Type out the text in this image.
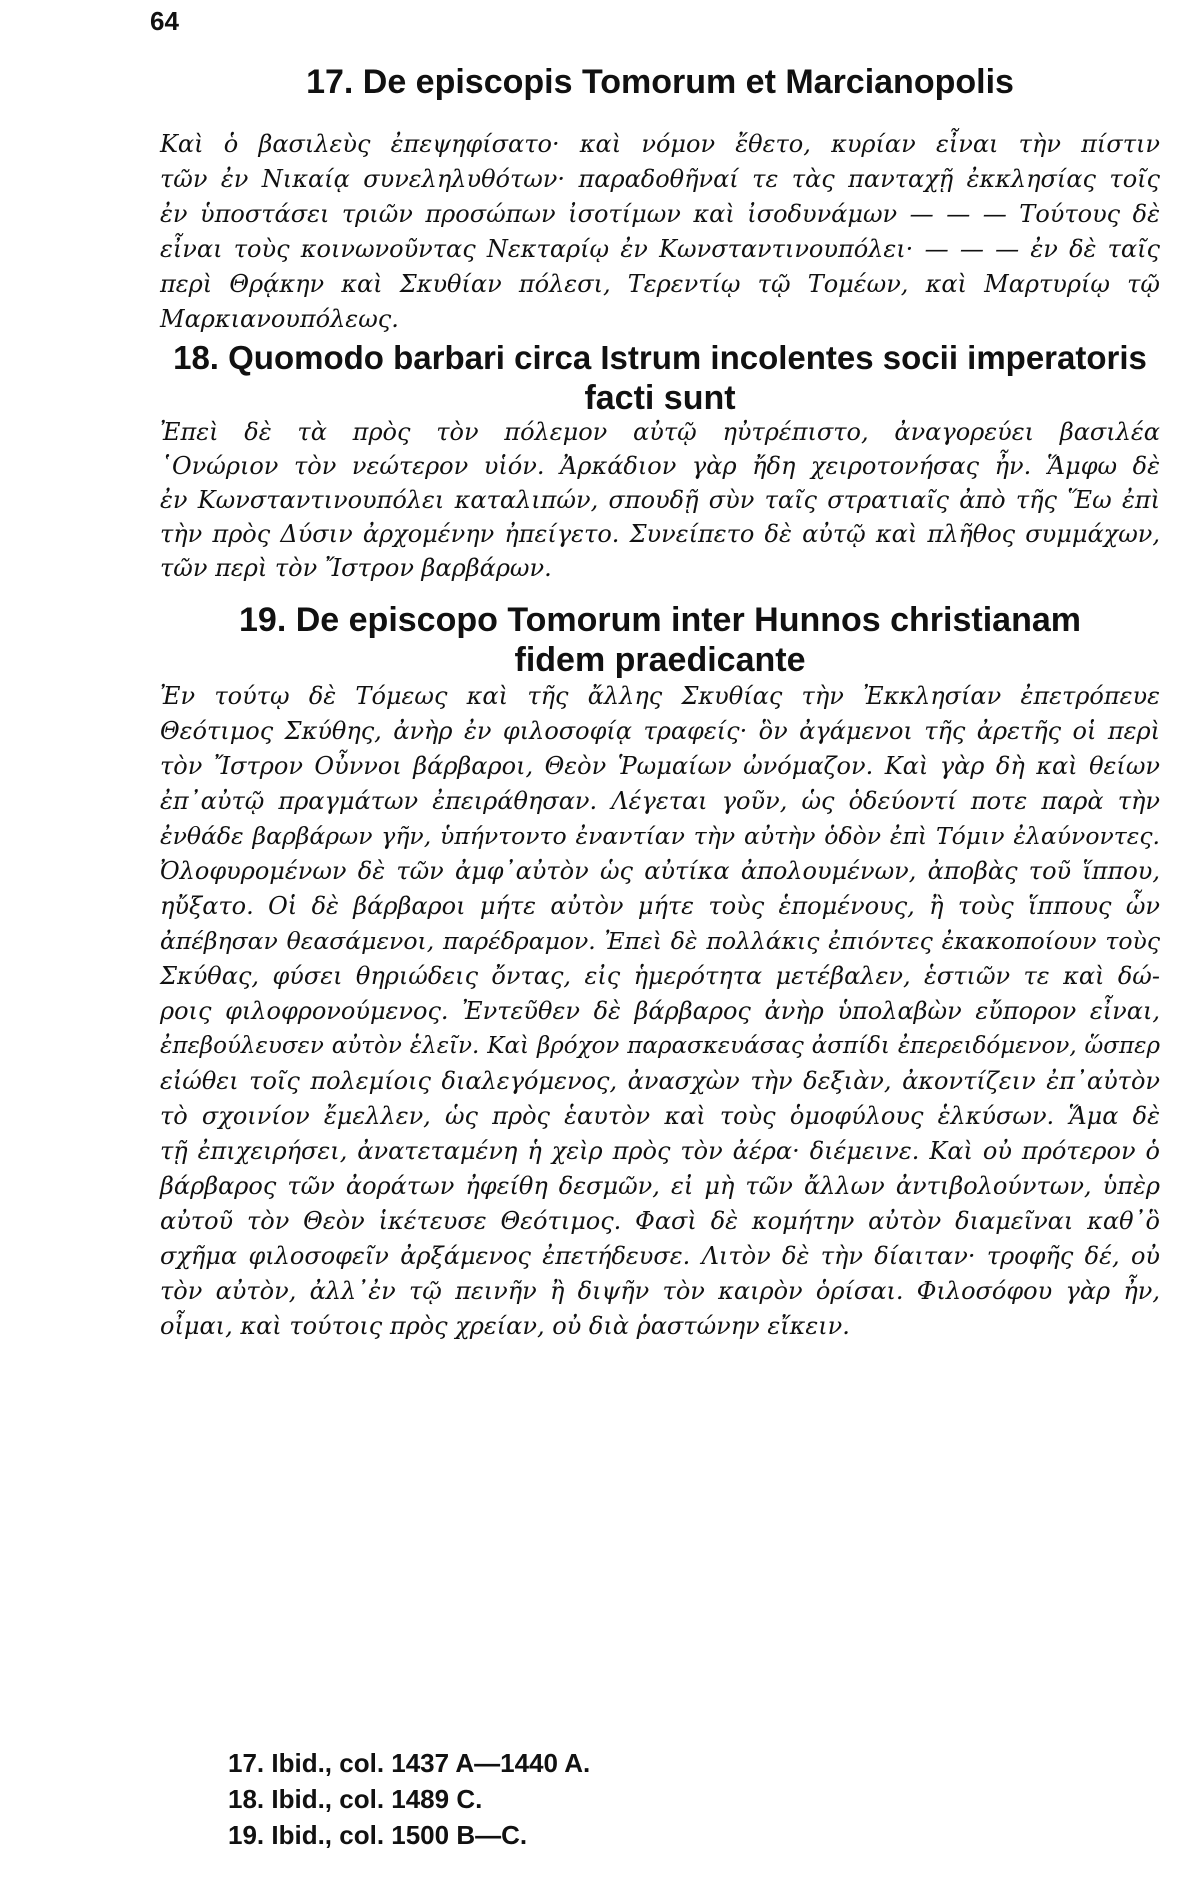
64
17. De episcopis Tomorum et Marcianopolis
Καὶ ὁ βασιλεὺς ἐπεψηφίσατο· καὶ νόμον ἔθετο, κυρίαν εἶναι τὴν πίστιν
τῶν ἐν Νικαίᾳ συνεληλυθότων· παραδοθῆναί τε τὰς πανταχῇ ἐκκλησίας τοῖς
ἐν ὑποστάσει τριῶν προσώπων ἰσοτίμων καὶ ἰσοδυνάμων — — — Τούτους δὲ
εἶναι τοὺς κοινωνοῦντας Νεκταρίῳ ἐν Κωνσταντινουπόλει· — — — ἐν δὲ ταῖς
περὶ Θρᾴκην καὶ Σκυθίαν πόλεσι, Τερεντίῳ τῷ Τομέων, καὶ Μαρτυρίῳ τῷ
Μαρκιανουπόλεως.
18. Quomodo barbari circa Istrum incolentes socii imperatoris
facti sunt
Ἐπεὶ δὲ τὰ πρὸς τὸν πόλεμον αὐτῷ ηὐτρέπιστο, ἀναγορεύει βασιλέα
῾Ονώριον τὸν νεώτερον υἱόν. Ἀρκάδιον γὰρ ἤδη χειροτονήσας ἦν. Ἅμφω δὲ
ἐν Κωνσταντινουπόλει καταλιπών, σπουδῇ σὺν ταῖς στρατιαῖς ἀπὸ τῆς Ἕω ἐπὶ
τὴν πρὸς Δύσιν ἀρχομένην ἠπείγετο. Συνείπετο δὲ αὐτῷ καὶ πλῆθος συμμάχων,
τῶν περὶ τὸν Ἴστρον βαρβάρων.
19. De episcopo Tomorum inter Hunnos christianam
fidem praedicante
Ἐν τούτῳ δὲ Τόμεως καὶ τῆς ἄλλης Σκυθίας τὴν Ἐκκλησίαν ἐπετρόπευε
Θεότιμος Σκύθης, ἀνὴρ ἐν φιλοσοφίᾳ τραφείς· ὃν ἀγάμενοι τῆς ἀρετῆς οἱ περὶ
τὸν Ἴστρον Οὖννοι βάρβαροι, Θεὸν Ῥωμαίων ὠνόμαζον. Καὶ γὰρ δὴ καὶ θείων
ἐπ᾽αὐτῷ πραγμάτων ἐπειράθησαν. Λέγεται γοῦν, ὡς ὁδεύοντί ποτε παρὰ τὴν
ἐνθάδε βαρβάρων γῆν, ὑπήντοντο ἐναντίαν τὴν αὐτὴν ὁδὸν ἐπὶ Τόμιν ἐλαύνοντες.
Ὀλοφυρομένων δὲ τῶν ἀμφ᾽αὐτὸν ὡς αὐτίκα ἀπολουμένων, ἀποβὰς τοῦ ἵππου,
ηὔξατο. Οἱ δὲ βάρβαροι μήτε αὐτὸν μήτε τοὺς ἑπομένους, ἢ τοὺς ἵππους ὧν
ἀπέβησαν θεασάμενοι, παρέδραμον. Ἐπεὶ δὲ πολλάκις ἐπιόντες ἐκακοποίουν τοὺς
Σκύθας, φύσει θηριώδεις ὄντας, εἰς ἡμερότητα μετέβαλεν, ἑστιῶν τε καὶ δώ-
ροις φιλοφρονούμενος. Ἐντεῦθεν δὲ βάρβαρος ἀνὴρ ὑπολαβὼν εὔπορον εἶναι,
ἐπεβούλευσεν αὐτὸν ἑλεῖν. Καὶ βρόχον παρασκευάσας ἀσπίδι ἐπερειδόμενον, ὥσπερ
εἰώθει τοῖς πολεμίοις διαλεγόμενος, ἀνασχὼν τὴν δεξιὰν, ἀκοντίζειν ἐπ᾽αὐτὸν
τὸ σχοινίον ἔμελλεν, ὡς πρὸς ἑαυτὸν καὶ τοὺς ὁμοφύλους ἑλκύσων. Ἅμα δὲ
τῇ ἐπιχειρήσει, ἀνατεταμένη ἡ χεὶρ πρὸς τὸν ἀέρα· διέμεινε. Καὶ οὐ πρότερον ὁ
βάρβαρος τῶν ἀοράτων ἠφείθη δεσμῶν, εἰ μὴ τῶν ἄλλων ἀντιβολούντων, ὑπὲρ
αὐτοῦ τὸν Θεὸν ἱκέτευσε Θεότιμος. Φασὶ δὲ κομήτην αὐτὸν διαμεῖναι καθ᾽ὃ
σχῆμα φιλοσοφεῖν ἀρξάμενος ἐπετήδευσε. Λιτὸν δὲ τὴν δίαιταν· τροφῆς δέ, οὐ
τὸν αὐτὸν, ἀλλ᾽ἐν τῷ πεινῆν ἢ διψῆν τὸν καιρὸν ὁρίσαι. Φιλοσόφου γὰρ ἦν,
οἶμαι, καὶ τούτοις πρὸς χρείαν, οὐ διὰ ῥαστώνην εἴκειν.
17. Ibid., col. 1437 A—1440 A.
18. Ibid., col. 1489 C.
19. Ibid., col. 1500 B—C.
